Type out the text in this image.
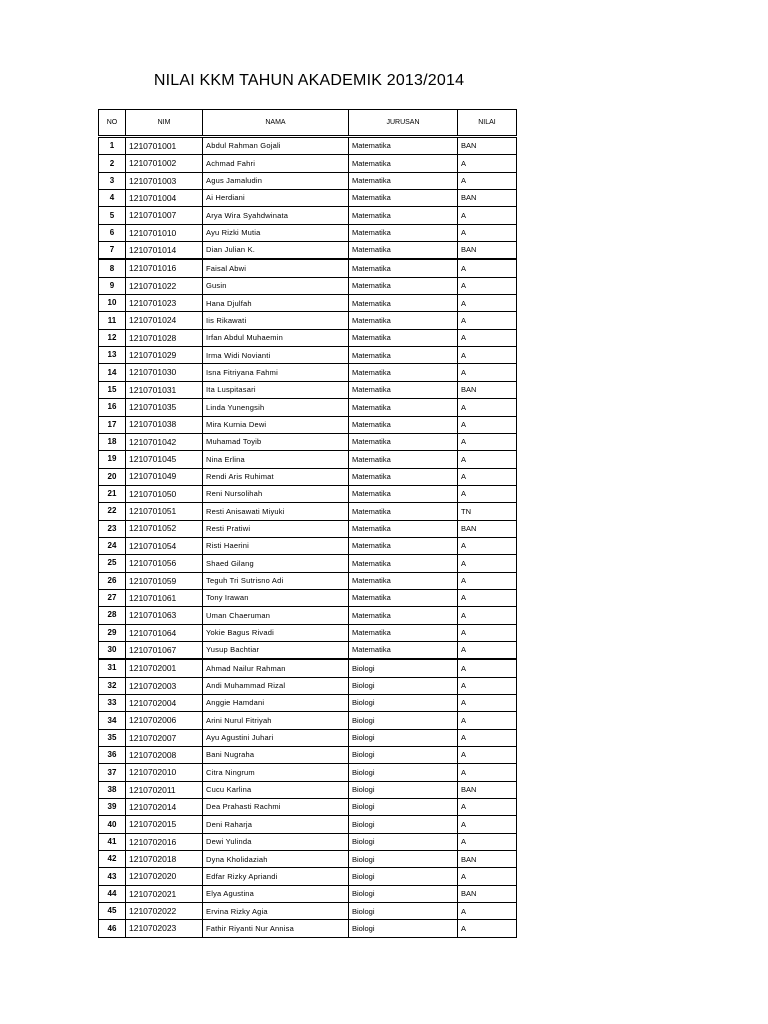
NILAI KKM TAHUN AKADEMIK 2013/2014
NO	NIM	NAMA	JURUSAN	NILAI
1	1210701001	Abdul Rahman Gojali	Matematika	BAN
2	1210701002	Achmad Fahri	Matematika	A
3	1210701003	Agus Jamaludin	Matematika	A
4	1210701004	Ai Herdiani	Matematika	BAN
5	1210701007	Arya Wira Syahdwinata	Matematika	A
6	1210701010	Ayu Rizki Mutia	Matematika	A
7	1210701014	Dian Julian K.	Matematika	BAN
8	1210701016	Faisal Abwi	Matematika	A
9	1210701022	Gusin	Matematika	A
10	1210701023	Hana Djulfah	Matematika	A
11	1210701024	Iis Rikawati	Matematika	A
12	1210701028	Irfan Abdul Muhaemin	Matematika	A
13	1210701029	Irma Widi Novianti	Matematika	A
14	1210701030	Isna Fitriyana Fahmi	Matematika	A
15	1210701031	Ita Luspitasari	Matematika	BAN
16	1210701035	Linda Yunengsih	Matematika	A
17	1210701038	Mira Kurnia Dewi	Matematika	A
18	1210701042	Muhamad Toyib	Matematika	A
19	1210701045	Nina Erlina	Matematika	A
20	1210701049	Rendi Aris Ruhimat	Matematika	A
21	1210701050	Reni Nursolihah	Matematika	A
22	1210701051	Resti Anisawati Miyuki	Matematika	TN
23	1210701052	Resti Pratiwi	Matematika	BAN
24	1210701054	Risti Haerini	Matematika	A
25	1210701056	Shaed Gilang	Matematika	A
26	1210701059	Teguh Tri Sutrisno Adi	Matematika	A
27	1210701061	Tony Irawan	Matematika	A
28	1210701063	Uman Chaeruman	Matematika	A
29	1210701064	Yokie Bagus Rivadi	Matematika	A
30	1210701067	Yusup Bachtiar	Matematika	A
31	1210702001	Ahmad Nailur Rahman	Biologi	A
32	1210702003	Andi Muhammad Rizal	Biologi	A
33	1210702004	Anggie Hamdani	Biologi	A
34	1210702006	Arini Nurul Fitriyah	Biologi	A
35	1210702007	Ayu Agustini Juhari	Biologi	A
36	1210702008	Bani Nugraha	Biologi	A
37	1210702010	Citra Ningrum	Biologi	A
38	1210702011	Cucu Karlina	Biologi	BAN
39	1210702014	Dea Prahasti Rachmi	Biologi	A
40	1210702015	Deni Raharja	Biologi	A
41	1210702016	Dewi Yulinda	Biologi	A
42	1210702018	Dyna Kholidaziah	Biologi	BAN
43	1210702020	Edfar Rizky Apriandi	Biologi	A
44	1210702021	Elya Agustina	Biologi	BAN
45	1210702022	Ervina Rizky Agia	Biologi	A
46	1210702023	Fathir Riyanti Nur Annisa	Biologi	A
